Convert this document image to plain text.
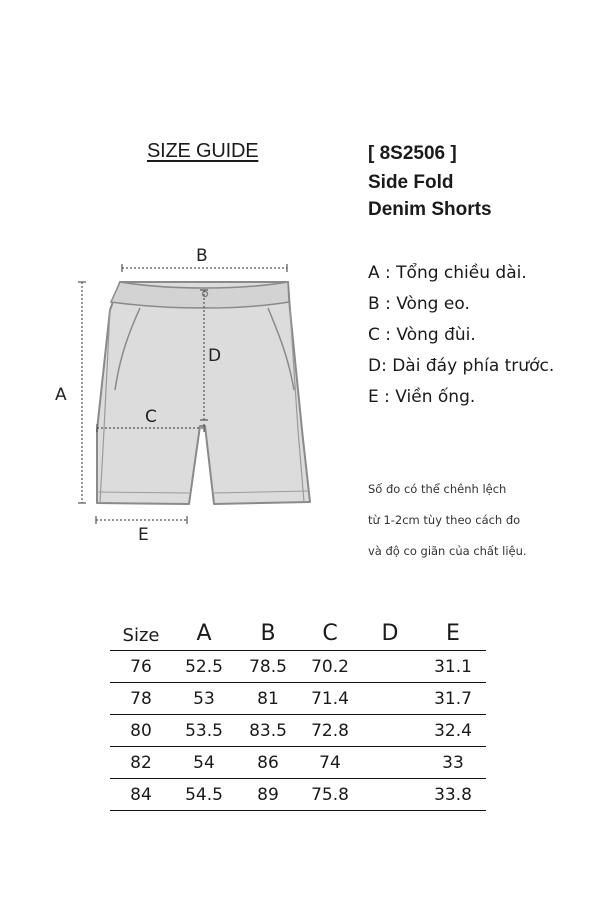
SIZE GUIDE	[ 8S2506 ]
Side Fold
Denim Shorts
A : Tổng chiều dài.
B : Vòng eo.
C : Vòng đùi.
D: Dài đáy phía trước.
E : Viền ống.
Số đo có thể chênh lệch
từ 1-2cm tùy theo cách đo
và độ co giãn của chất liệu.
B
A
D
C
E
Size	A	B	C	D	E
76	52.5	78.5	70.2		31.1
78	53	81	71.4		31.7
80	53.5	83.5	72.8		32.4
82	54	86	74		33
84	54.5	89	75.8		33.8
